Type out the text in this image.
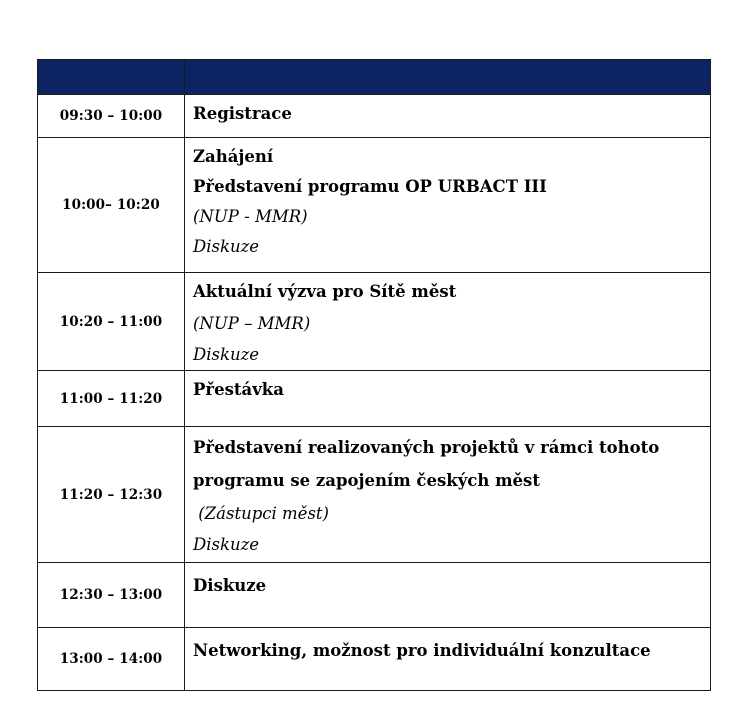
09:30 – 10:00	Registrace

10:00– 10:20	Zahájení
Představení programu OP URBACT III
(NUP - MMR)
Diskuze

10:20 – 11:00	Aktuální výzva pro Sítě měst
(NUP – MMR)
Diskuze

11:00 – 11:20	Přestávka

11:20 – 12:30	Představení realizovaných projektů v rámci tohoto
programu se zapojením českých měst
(Zástupci měst)
Diskuze

12:30 – 13:00	Diskuze

13:00 – 14:00	Networking, možnost pro individuální konzultace
